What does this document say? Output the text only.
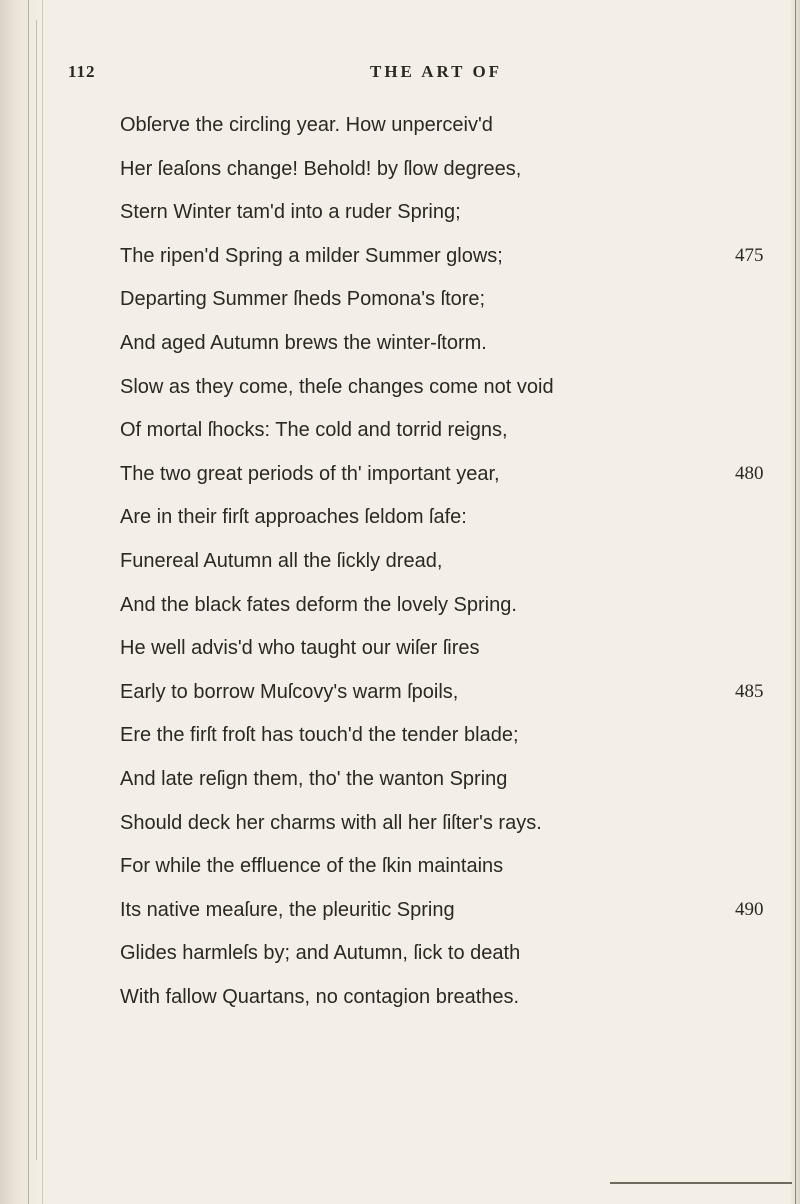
112	THE ART OF
Obſerve the circling year. How unperceiv'd
Her ſeaſons change! Behold! by ſlow degrees,
Stern Winter tam'd into a ruder Spring;
The ripen'd Spring a milder Summer glows;
Departing Summer ſheds Pomona's ſtore;
And aged Autumn brews the winter-ſtorm.
Slow as they come, theſe changes come not void
Of mortal ſhocks: The cold and torrid reigns,
The two great periods of th' important year,
Are in their firſt approaches ſeldom ſafe:
Funereal Autumn all the ſickly dread,
And the black fates deform the lovely Spring.
He well advis'd who taught our wiſer ſires
Early to borrow Muſcovy's warm ſpoils,
Ere the firſt froſt has touch'd the tender blade;
And late reſign them, tho' the wanton Spring
Should deck her charms with all her ſiſter's rays.
For while the effluence of the ſkin maintains
Its native meaſure, the pleuritic Spring
Glides harmleſs by; and Autumn, ſick to death
With fallow Quartans, no contagion breathes.
475
480
485
490
